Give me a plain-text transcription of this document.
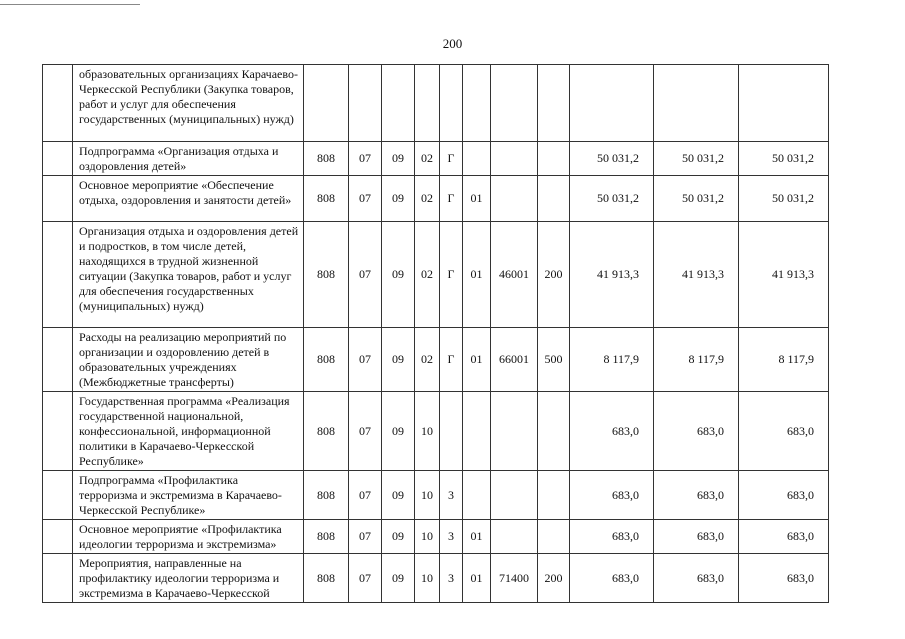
200
	образовательных организациях Карачаево-Черкесской Республики (Закупка товаров, работ и услуг для обеспечения государственных (муниципальных) нужд)											
	Подпрограмма «Организация отдыха и оздоровления детей»	808	07	09	02	Г				50 031,2	50 031,2	50 031,2
	Основное мероприятие «Обеспечение отдыха, оздоровления и занятости детей»	808	07	09	02	Г	01			50 031,2	50 031,2	50 031,2
	Организация отдыха и оздоровления детей и подростков, в том числе детей, находящихся в трудной жизненной ситуации (Закупка товаров, работ и услуг для обеспечения государственных (муниципальных) нужд)	808	07	09	02	Г	01	46001	200	41 913,3	41 913,3	41 913,3
	Расходы на реализацию мероприятий по организации и оздоровлению детей в образовательных учреждениях (Межбюджетные трансферты)	808	07	09	02	Г	01	66001	500	8 117,9	8 117,9	8 117,9
	Государственная программа «Реализация государственной национальной, конфессиональной, информационной политики в Карачаево-Черкесской Республике»	808	07	09	10					683,0	683,0	683,0
	Подпрограмма «Профилактика терроризма и экстремизма в Карачаево-Черкесской Республике»	808	07	09	10	3				683,0	683,0	683,0
	Основное мероприятие «Профилактика идеологии терроризма и экстремизма»	808	07	09	10	3	01			683,0	683,0	683,0
	Мероприятия, направленные на профилактику идеологии терроризма и экстремизма в Карачаево-Черкесской	808	07	09	10	3	01	71400	200	683,0	683,0	683,0
